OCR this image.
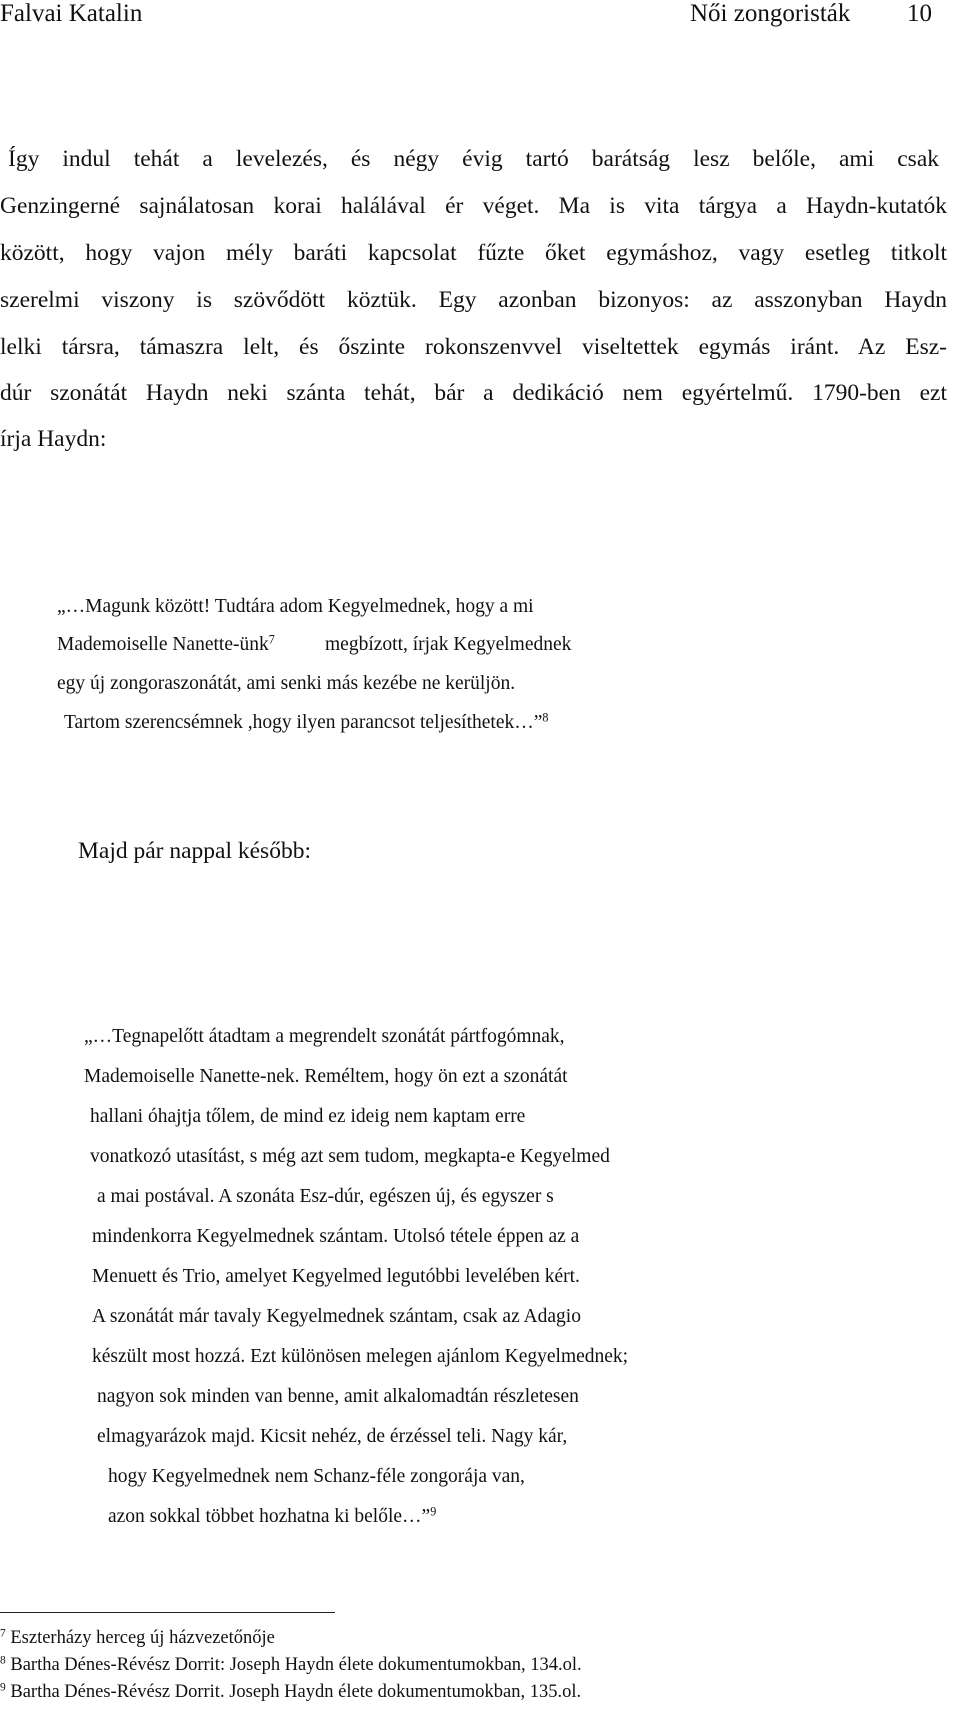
Falvai Katalin	Női zongoristák 10
Így indul tehát a levelezés, és négy évig tartó barátság lesz belőle, ami csak
Genzingerné sajnálatosan korai halálával ér véget. Ma is vita tárgya a Haydn-kutatók
között, hogy vajon mély baráti kapcsolat fűzte őket egymáshoz, vagy esetleg titkolt
szerelmi viszony is szövődött köztük. Egy azonban bizonyos: az asszonyban Haydn
lelki társra, támaszra lelt, és őszinte rokonszenvvel viseltettek egymás iránt. Az Esz-
dúr szonátát Haydn neki szánta tehát, bár a dedikáció nem egyértelmű. 1790-ben ezt
írja Haydn:
„…Magunk között! Tudtára adom Kegyelmednek, hogy a mi
Mademoiselle Nanette-ünk$^7$	megbízott, írjak Kegyelmednek
egy új zongoraszonátát, ami senki más kezébe ne kerüljön.
Tartom szerencsémnek ,hogy ilyen parancsot teljesíthetek…”$^8$
Majd pár nappal később:
„…Tegnapelőtt átadtam a megrendelt szonátát pártfogómnak,
Mademoiselle Nanette-nek. Reméltem, hogy ön ezt a szonátát
hallani óhajtja tőlem, de mind ez ideig nem kaptam erre
vonatkozó utasítást, s még azt sem tudom, megkapta-e Kegyelmed
a mai postával. A szonáta Esz-dúr, egészen új, és egyszer s
mindenkorra Kegyelmednek szántam. Utolsó tétele éppen az a
Menuett és Trio, amelyet Kegyelmed legutóbbi levelében kért.
A szonátát már tavaly Kegyelmednek szántam, csak az Adagio
készült most hozzá. Ezt különösen melegen ajánlom Kegyelmednek;
nagyon sok minden van benne, amit alkalomadtán részletesen
elmagyarázok majd. Kicsit nehéz, de érzéssel teli. Nagy kár,
hogy Kegyelmednek nem Schanz-féle zongorája van,
azon sokkal többet hozhatna ki belőle…”$^9$
$^7$ Eszterházy herceg új házvezetőnője
$^8$ Bartha Dénes-Révész Dorrit: Joseph Haydn élete dokumentumokban, 134.ol.
$^9$ Bartha Dénes-Révész Dorrit. Joseph Haydn élete dokumentumokban, 135.ol.
